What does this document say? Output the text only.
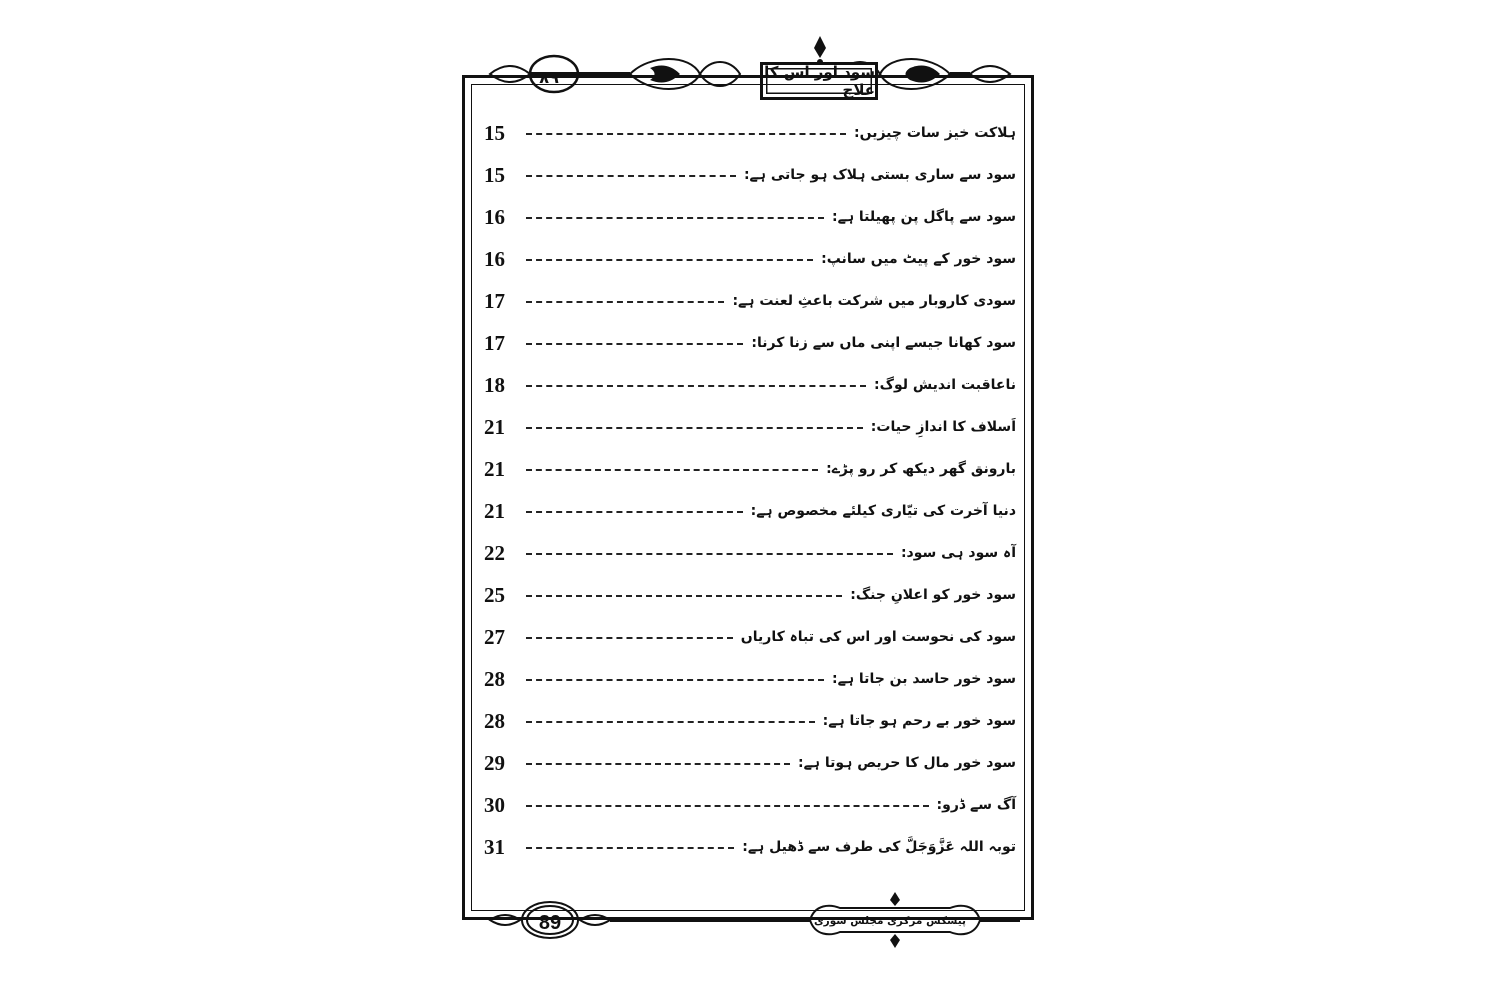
٨٩	سود اور اس کا علاج
ہلاکت خیز سات چیزیں:
15
سود سے ساری بستی ہلاک ہو جاتی ہے:
15
سود سے پاگل پن پھیلتا ہے:
16
سود خور کے پیٹ میں سانپ:
16
سودی کاروبار میں شرکت باعثِ لعنت ہے:
17
سود کھانا جیسے اپنی ماں سے زنا کرنا:
17
ناعاقبت اندیش لوگ:
18
اَسلاف کا اندازِ حیات:
21
بارونق گھر دیکھ کر رو پڑے:
21
دنیا آخرت کی تیّاری کیلئے مخصوص ہے:
21
آہ سود ہی سود:
22
سود خور کو اعلانِ جنگ:
25
سود کی نحوست اور اس کی تباہ کاریاں
27
سود خور حاسد بن جاتا ہے:
28
سود خور بے رحم ہو جاتا ہے:
28
سود خور مال کا حریص ہوتا ہے:
29
آگ سے ڈرو:
30
توبہ اللہ عَزَّوَجَلَّ کی طرف سے ڈھیل ہے:
31
89	پیشکش مرکزی مجلس شوریٰ
